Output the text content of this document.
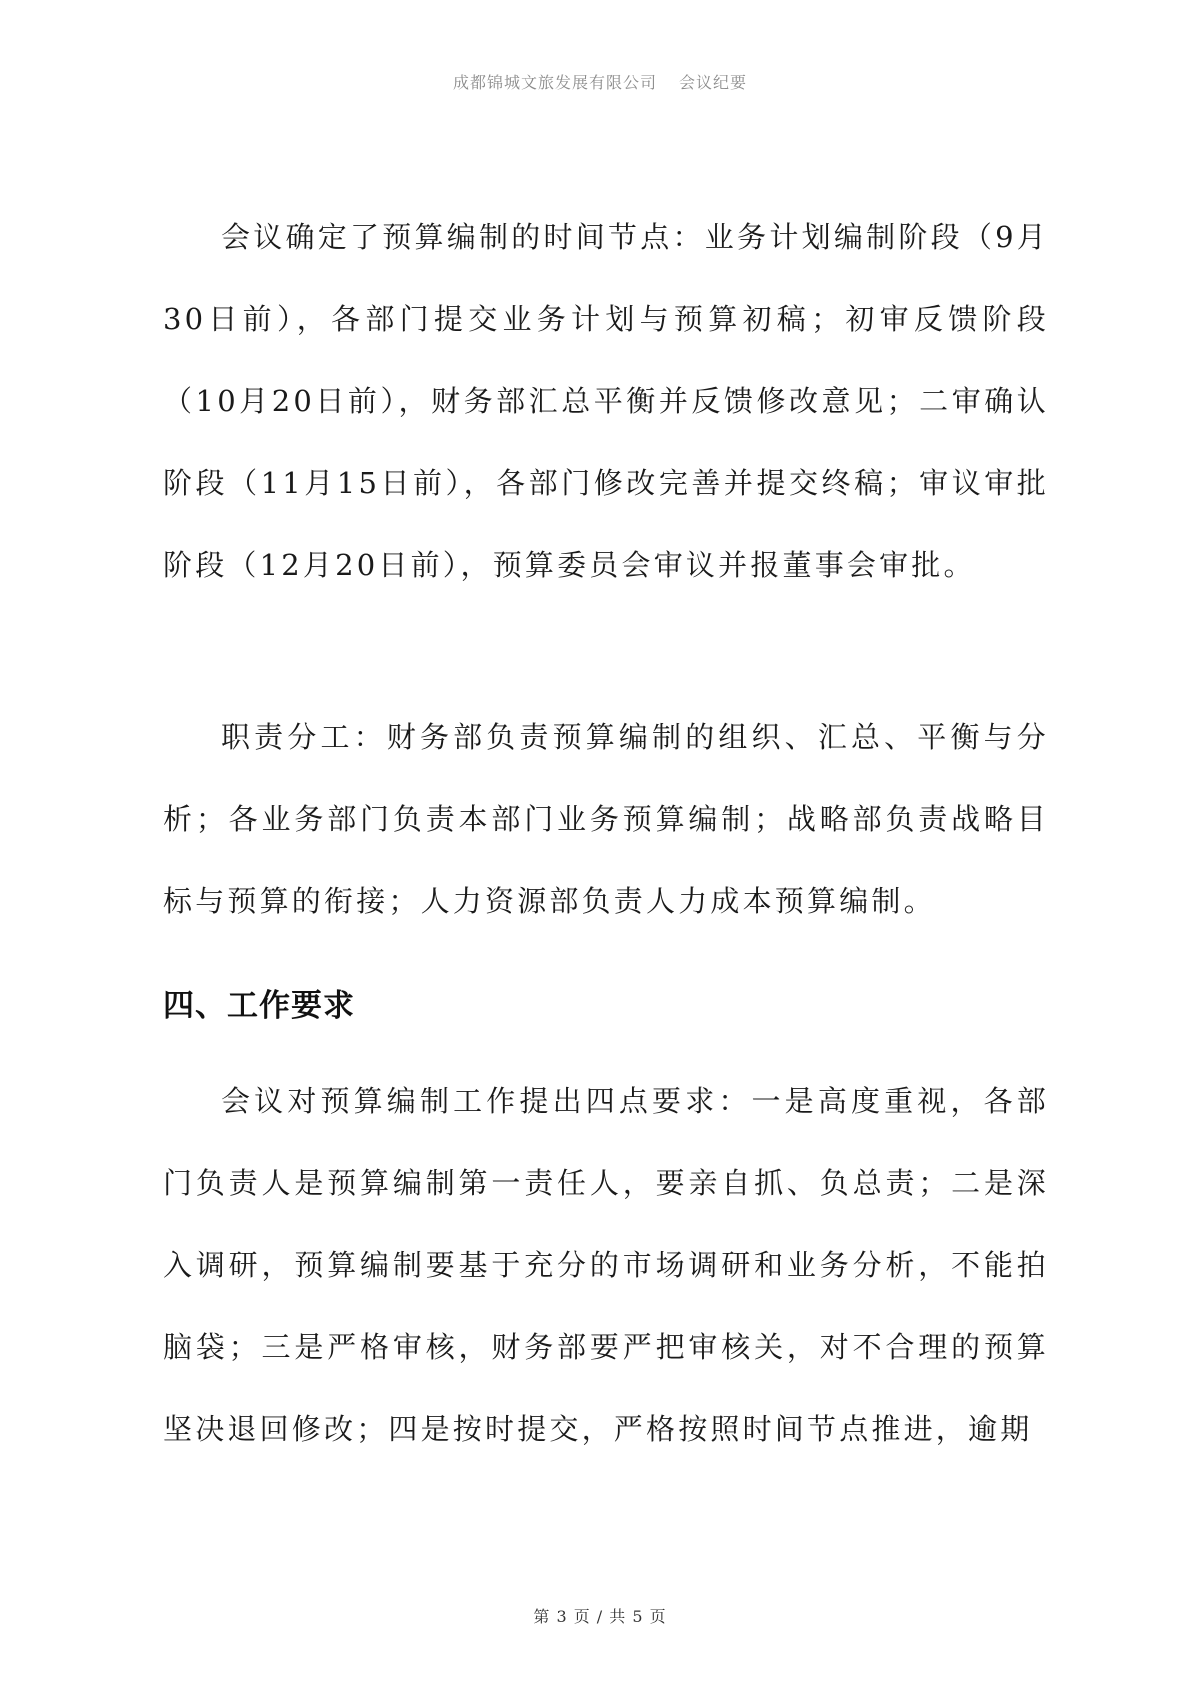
成都锦城文旅发展有限公司 会议纪要

会议确定了预算编制的时间节点：业务计划编制阶段（9月30日前），各部门提交业务计划与预算初稿；初审反馈阶段（10月20日前），财务部汇总平衡并反馈修改意见；二审确认阶段（11月15日前），各部门修改完善并提交终稿；审议审批阶段（12月20日前），预算委员会审议并报董事会审批。

职责分工：财务部负责预算编制的组织、汇总、平衡与分析；各业务部门负责本部门业务预算编制；战略部负责战略目标与预算的衔接；人力资源部负责人力成本预算编制。

四、工作要求

会议对预算编制工作提出四点要求：一是高度重视，各部门负责人是预算编制第一责任人，要亲自抓、负总责；二是深入调研，预算编制要基于充分的市场调研和业务分析，不能拍脑袋；三是严格审核，财务部要严把审核关，对不合理的预算坚决退回修改；四是按时提交，严格按照时间节点推进，逾期

第 3 页 / 共 5 页
